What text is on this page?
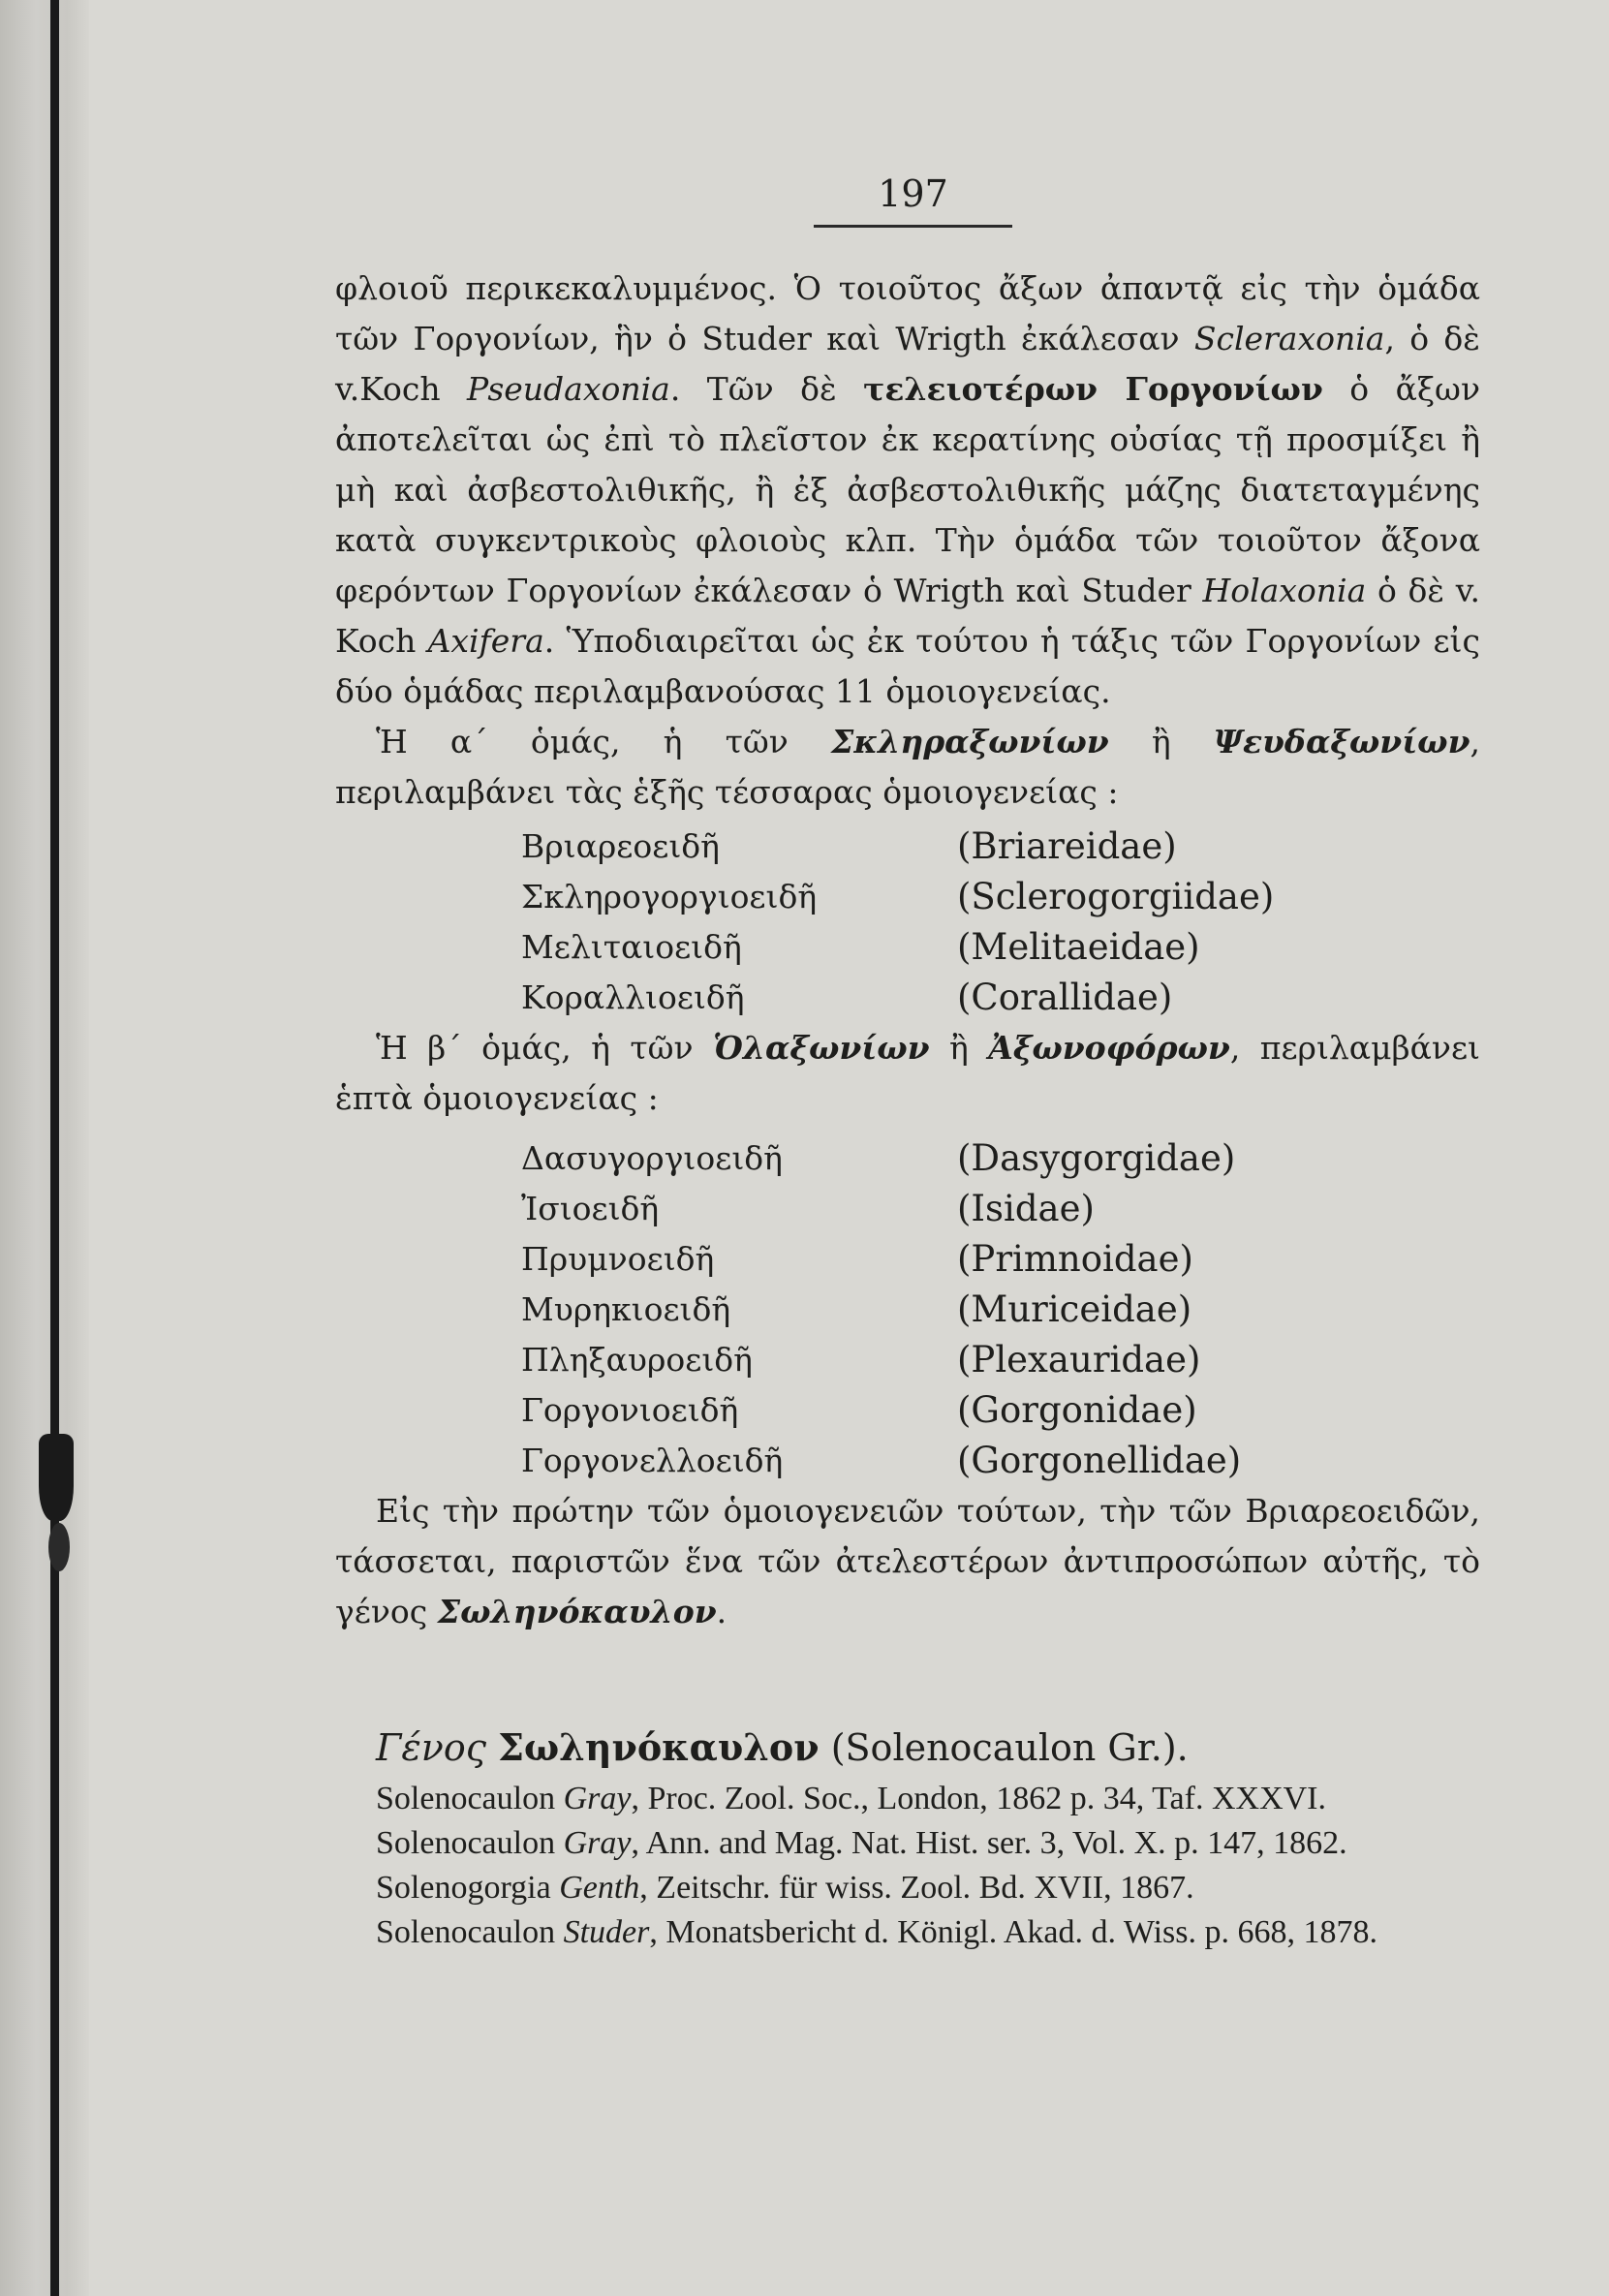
197

φλοιοῦ περικεκαλυμμένος. Ὁ τοιοῦτος ἄξων ἀπαντᾷ εἰς τὴν ὁμάδα τῶν Γοργονίων, ἣν ὁ Studer καὶ Wrigth ἐκάλεσαν Scleraxonia, ὁ δὲ v.Koch Pseudaxonia. Τῶν δὲ τελειοτέρων Γοργονίων ὁ ἄξων ἀποτελεῖται ὡς ἐπὶ τὸ πλεῖστον ἐκ κερατίνης οὐσίας τῇ προσμίξει ἢ μὴ καὶ ἀσβεστολιθικῆς, ἢ ἐξ ἀσβεστολιθικῆς μάζης διατεταγμένης κατὰ συγκεντρικοὺς φλοιοὺς κλπ. Τὴν ὁμάδα τῶν τοιοῦτον ἄξονα φερόντων Γοργονίων ἐκάλεσαν ὁ Wrigth καὶ Studer Holaxonia ὁ δὲ v. Koch Axifera. Ὑποδιαιρεῖται ὡς ἐκ τούτου ἡ τάξις τῶν Γοργονίων εἰς δύο ὁμάδας περιλαμβανούσας 11 ὁμοιογενείας.

Ἡ α΄ ὁμάς, ἡ τῶν Σκληραξωνίων ἢ Ψευδαξωνίων, περιλαμβάνει τὰς ἑξῆς τέσσαρας ὁμοιογενείας :

Βριαρεοειδῆ	(Briareidae)
Σκληρογοργιοειδῆ	(Sclerogorgiidae)
Μελιταιοειδῆ	(Melitaeidae)
Κοραλλιοειδῆ	(Corallidae)

Ἡ β΄ ὁμάς, ἡ τῶν Ὁλαξωνίων ἢ Ἀξωνοφόρων, περιλαμβάνει ἑπτὰ ὁμοιογενείας :

Δασυγοργιοειδῆ	(Dasygorgidae)
Ἰσιοειδῆ	(Isidae)
Πρυμνοειδῆ	(Primnoidae)
Μυρηκιοειδῆ	(Muriceidae)
Πληξαυροειδῆ	(Plexauridae)
Γοργονιοειδῆ	(Gorgonidae)
Γοργονελλοειδῆ	(Gorgonellidae)

Εἰς τὴν πρώτην τῶν ὁμοιογενειῶν τούτων, τὴν τῶν Βριαρεοειδῶν, τάσσεται, παριστῶν ἕνα τῶν ἀτελεστέρων ἀντιπροσώπων αὐτῆς, τὸ γένος Σωληνόκαυλον.

Γένος Σωληνόκαυλον (Solenocaulon Gr.).
Solenocaulon Gray, Proc. Zool. Soc., London, 1862 p. 34, Taf. XXXVI.
Solenocaulon Gray, Ann. and Mag. Nat. Hist. ser. 3, Vol. X. p. 147, 1862.
Solenogorgia Genth, Zeitschr. für wiss. Zool. Bd. XVII, 1867.
Solenocaulon Studer, Monatsbericht d. Königl. Akad. d. Wiss. p. 668, 1878.
